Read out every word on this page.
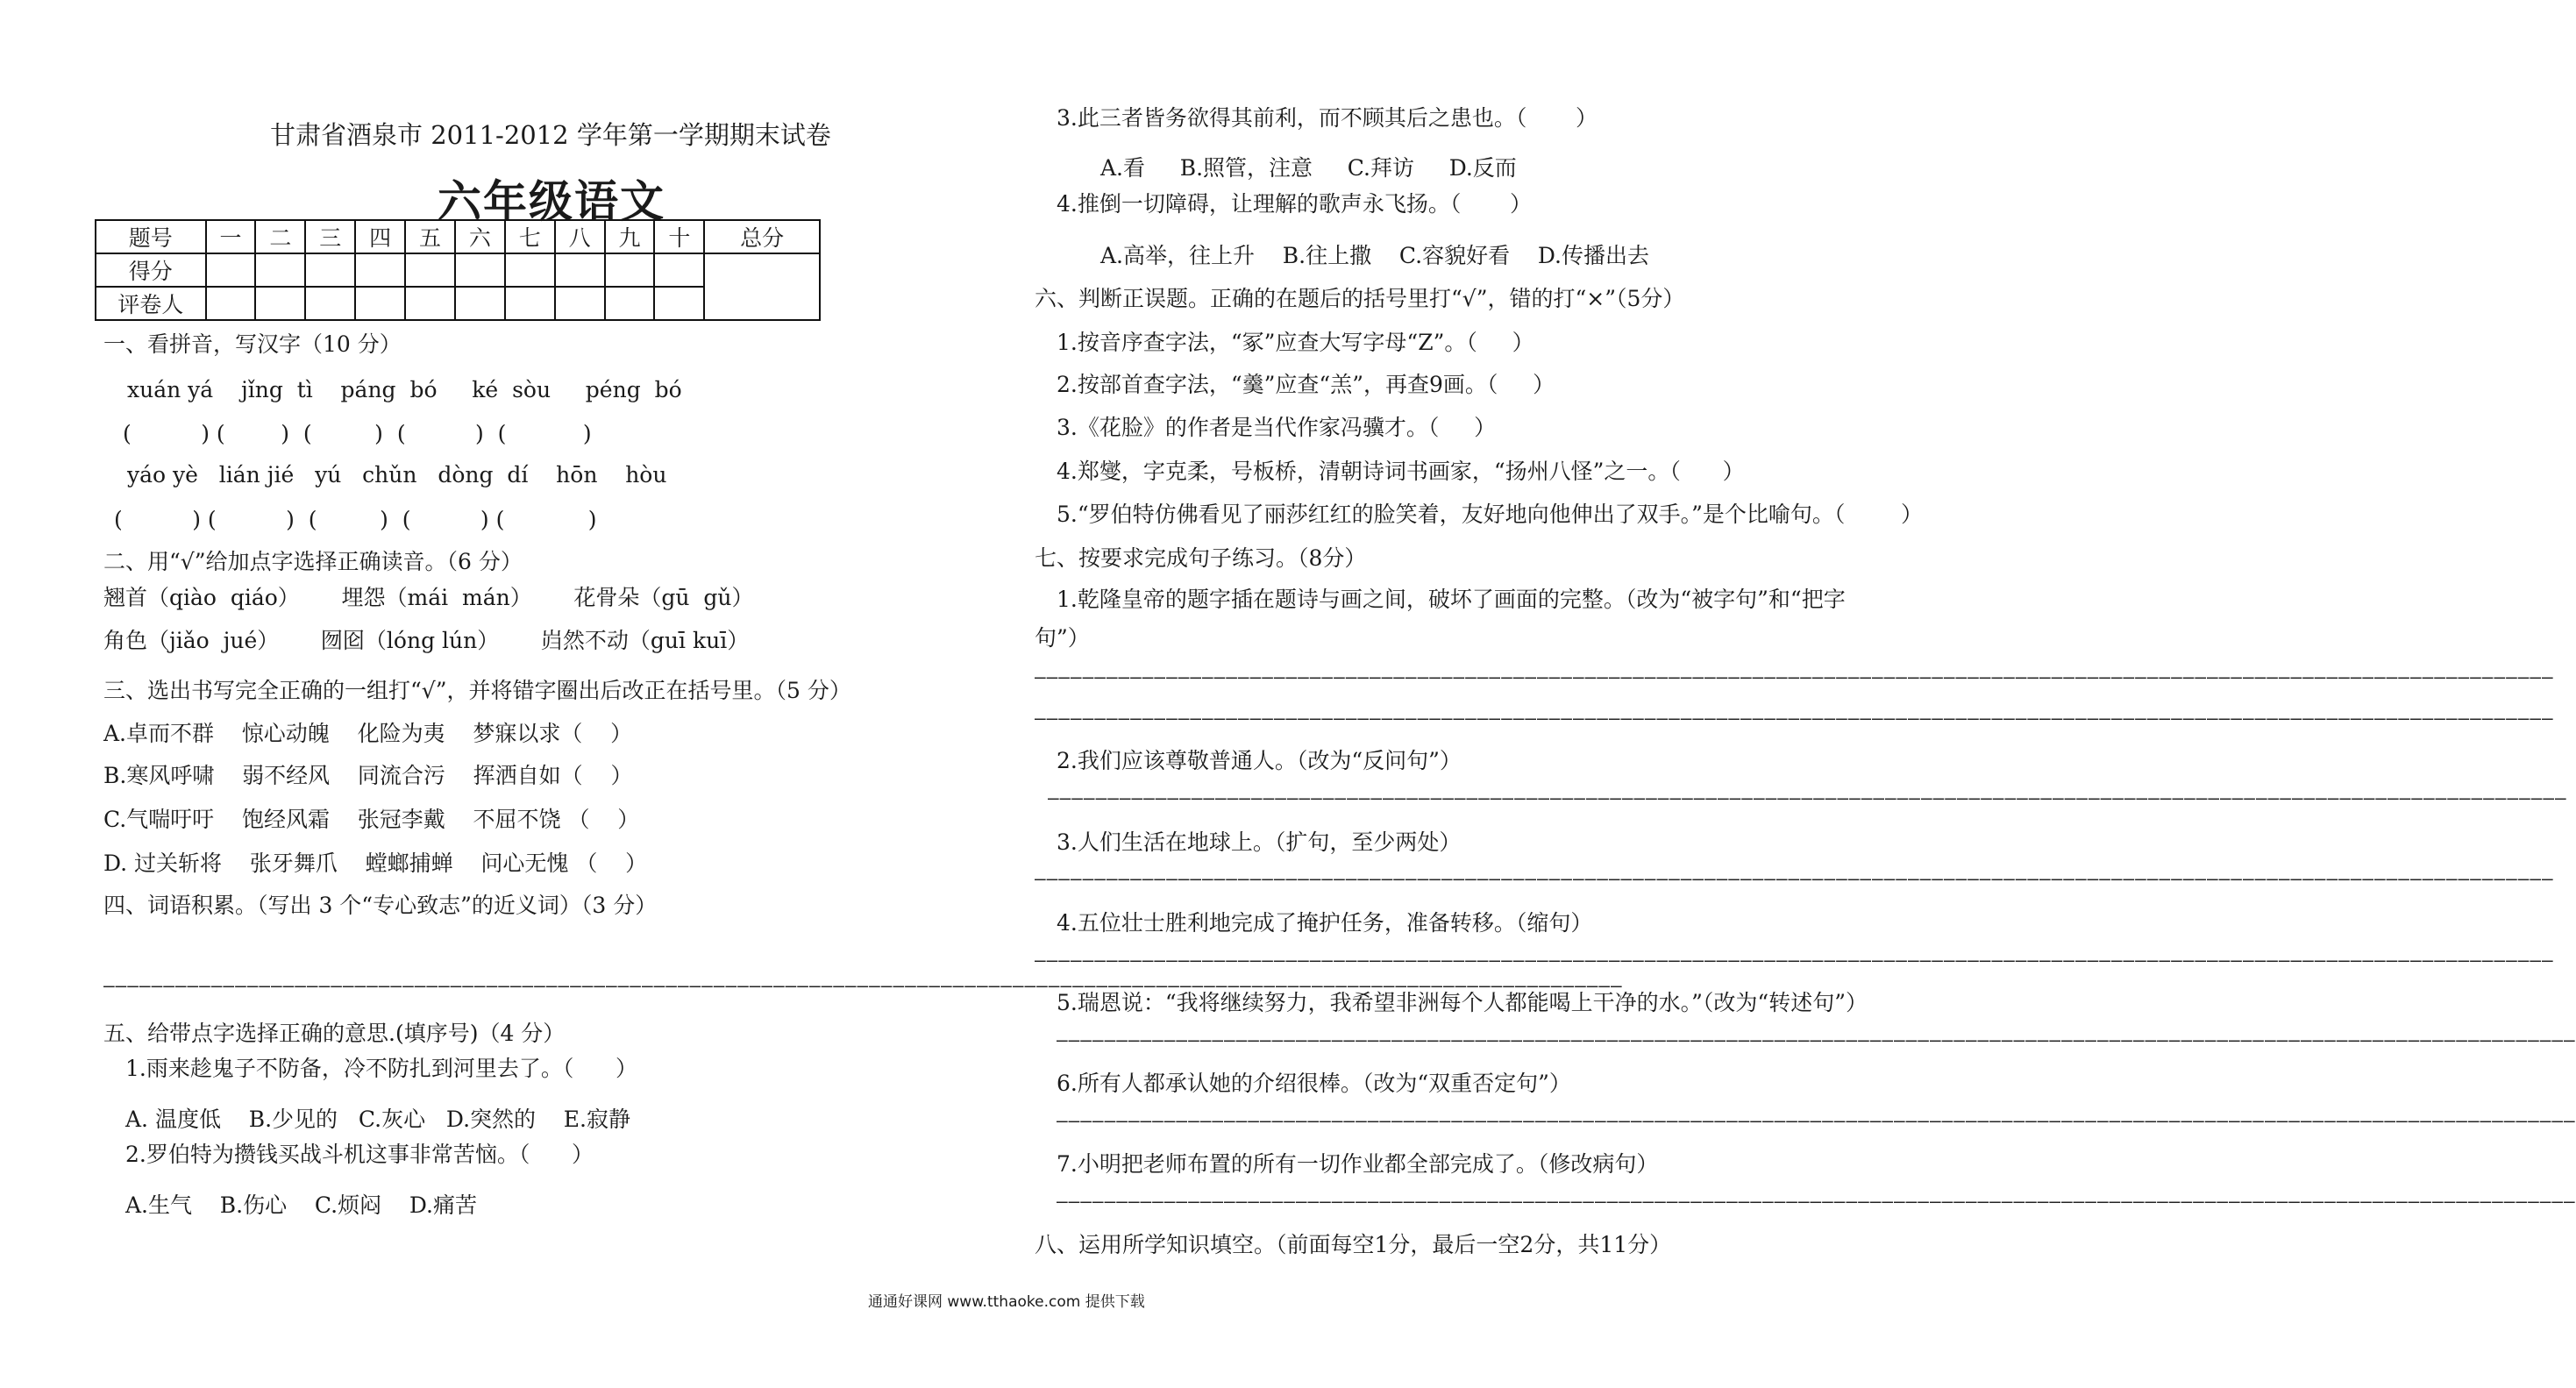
甘肃省酒泉市 2011-2012 学年第一学期期末试卷
六年级语文
题号	一	二	三	四	五	六	七	八	九	十	总分
得分											
评卷人											
一、看拼音，写汉字（10 分）
xuán yá    jǐng  tì    páng  bó     ké  sòu     péng  bó
(          ) (        )  (         )  (          )  (           )
yáo yè   lián jié   yú   chǔn   dòng  dí    hōn    hòu
(          ) (          )  (         )  (          ) (            )
二、用“√”给加点字选择正确读音。（6 分）
翘首（qiào  qiáo）      埋怨（mái  mán）      花骨朵（gū  gǔ）
角色（jiǎo  jué）      囫囵（lóng lún）      岿然不动（guī kuī）
三、选出书写完全正确的一组打“√”，并将错字圈出后改正在括号里。（5 分）
A.卓而不群    惊心动魄    化险为夷    梦寐以求（    ）
B.寒风呼啸    弱不经风    同流合污    挥洒自如（    ）
C.气喘吁吁    饱经风霜    张冠李戴    不屈不饶 （    ）
D. 过关斩将    张牙舞爪    螳螂捕蝉    问心无愧 （    ）
四、词语积累。（写出 3 个“专心致志”的近义词）（3 分）
———————————————————————————————————————————————————————————————————————————————————————————————————————————————————————————————
五、给带点字选择正确的意思.(填序号)（4 分）
1.雨来趁鬼子不防备，冷不防扎到河里去了。（      ）
A. 温度低    B.少见的   C.灰心   D.突然的    E.寂静
2.罗伯特为攒钱买战斗机这事非常苦恼。（      ）
A.生气    B.伤心    C.烦闷    D.痛苦
3.此三者皆务欲得其前利，而不顾其后之患也。（       ）
A.看     B.照管，注意     C.拜访     D.反而
4.推倒一切障碍，让理解的歌声永飞扬。（       ）
A.高举，往上升    B.往上撒    C.容貌好看    D.传播出去
六、判断正误题。正确的在题后的括号里打“√”，错的打“×”（5分）
1.按音序查字法，“冢”应查大写字母“Z”。（     ）
2.按部首查字法，“羹”应查“羔”，再查9画。（     ）
3.《花脸》的作者是当代作家冯骥才。（     ）
4.郑燮，字克柔，号板桥，清朝诗词书画家，“扬州八怪”之一。（      ）
5.“罗伯特仿佛看见了丽莎红红的脸笑着，友好地向他伸出了双手。”是个比喻句。（        ）
七、按要求完成句子练习。（8分）
1.乾隆皇帝的题字插在题诗与画之间，破坏了画面的完整。（改为“被字句”和“把字
句”）
———————————————————————————————————————————————————————————————————————————————————————————————————————————————————————————————
———————————————————————————————————————————————————————————————————————————————————————————————————————————————————————————————
2.我们应该尊敬普通人。（改为“反问句”）
———————————————————————————————————————————————————————————————————————————————————————————————————————————————————————————————
3.人们生活在地球上。（扩句，至少两处）
———————————————————————————————————————————————————————————————————————————————————————————————————————————————————————————————
4.五位壮士胜利地完成了掩护任务，准备转移。（缩句）
———————————————————————————————————————————————————————————————————————————————————————————————————————————————————————————————
5.瑞恩说：“我将继续努力，我希望非洲每个人都能喝上干净的水。”（改为“转述句”）
———————————————————————————————————————————————————————————————————————————————————————————————————————————————————————————————
6.所有人都承认她的介绍很棒。（改为“双重否定句”）
———————————————————————————————————————————————————————————————————————————————————————————————————————————————————————————————
7.小明把老师布置的所有一切作业都全部完成了。（修改病句）
———————————————————————————————————————————————————————————————————————————————————————————————————————————————————————————————
八、运用所学知识填空。（前面每空1分，最后一空2分，共11分）
通通好课网 www.tthaoke.com 提供下载
